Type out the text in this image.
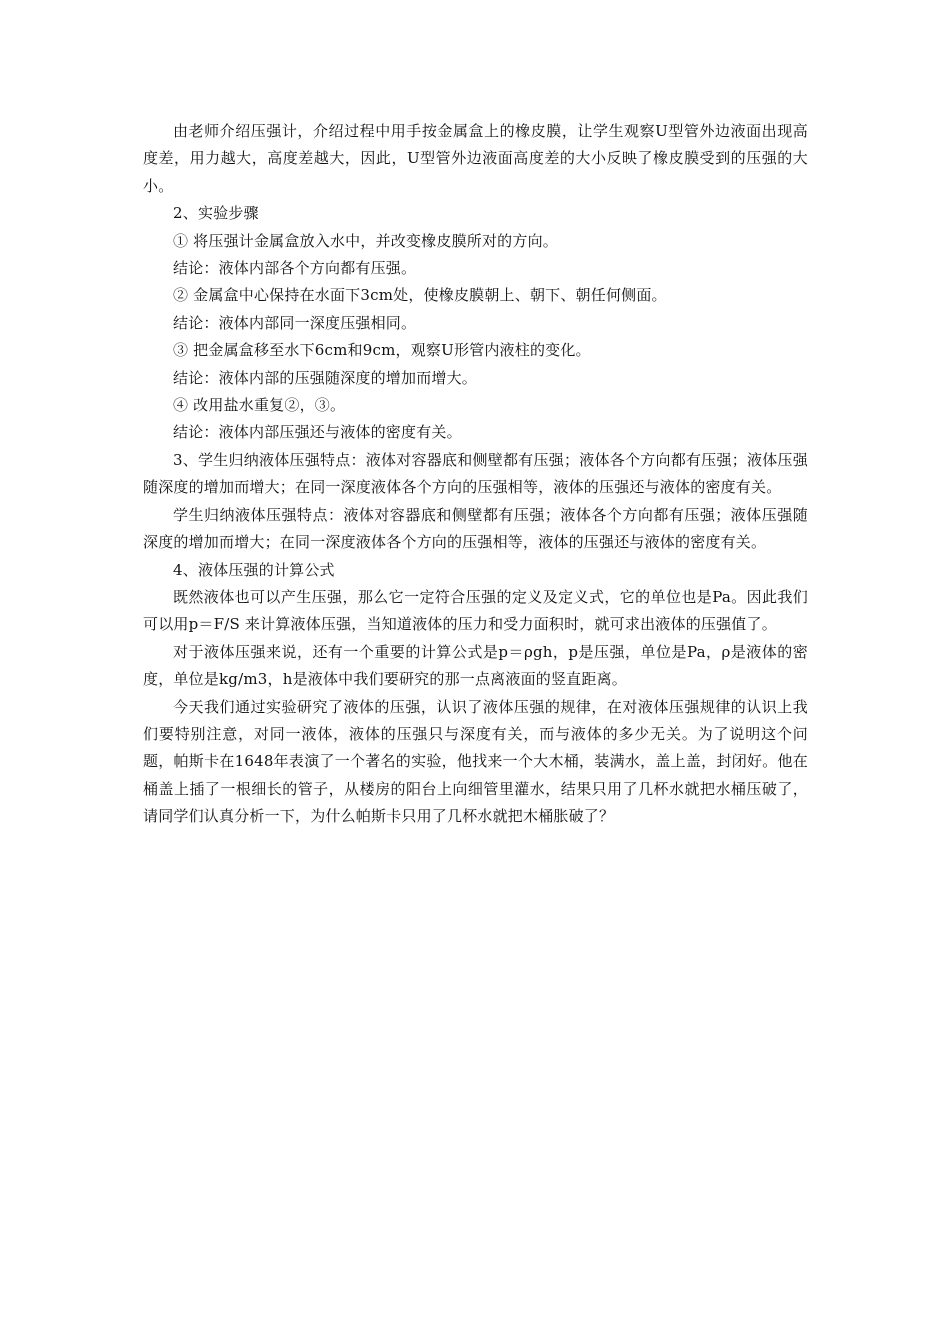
由老师介绍压强计，介绍过程中用手按金属盒上的橡皮膜，让学生观察U型管外边液面出现高度差，用力越大，高度差越大，因此，U型管外边液面高度差的大小反映了橡皮膜受到的压强的大小。

2、实验步骤

① 将压强计金属盒放入水中，并改变橡皮膜所对的方向。

结论：液体内部各个方向都有压强。

② 金属盒中心保持在水面下3cm处，使橡皮膜朝上、朝下、朝任何侧面。

结论：液体内部同一深度压强相同。

③ 把金属盒移至水下6cm和9cm，观察U形管内液柱的变化。

结论：液体内部的压强随深度的增加而增大。

④ 改用盐水重复②，③。

结论：液体内部压强还与液体的密度有关。

3、学生归纳液体压强特点：液体对容器底和侧壁都有压强；液体各个方向都有压强；液体压强随深度的增加而增大；在同一深度液体各个方向的压强相等，液体的压强还与液体的密度有关。

学生归纳液体压强特点：液体对容器底和侧壁都有压强；液体各个方向都有压强；液体压强随深度的增加而增大；在同一深度液体各个方向的压强相等，液体的压强还与液体的密度有关。

4、液体压强的计算公式

既然液体也可以产生压强，那么它一定符合压强的定义及定义式，它的单位也是Pa。因此我们可以用p＝F/S 来计算液体压强，当知道液体的压力和受力面积时，就可求出液体的压强值了。

对于液体压强来说，还有一个重要的计算公式是p＝ρgh，p是压强，单位是Pa，ρ是液体的密度，单位是kg/m3，h是液体中我们要研究的那一点离液面的竖直距离。

今天我们通过实验研究了液体的压强，认识了液体压强的规律，在对液体压强规律的认识上我们要特别注意，对同一液体，液体的压强只与深度有关，而与液体的多少无关。为了说明这个问题，帕斯卡在1648年表演了一个著名的实验，他找来一个大木桶，装满水，盖上盖，封闭好。他在桶盖上插了一根细长的管子，从楼房的阳台上向细管里灌水，结果只用了几杯水就把水桶压破了，请同学们认真分析一下，为什么帕斯卡只用了几杯水就把木桶胀破了？
